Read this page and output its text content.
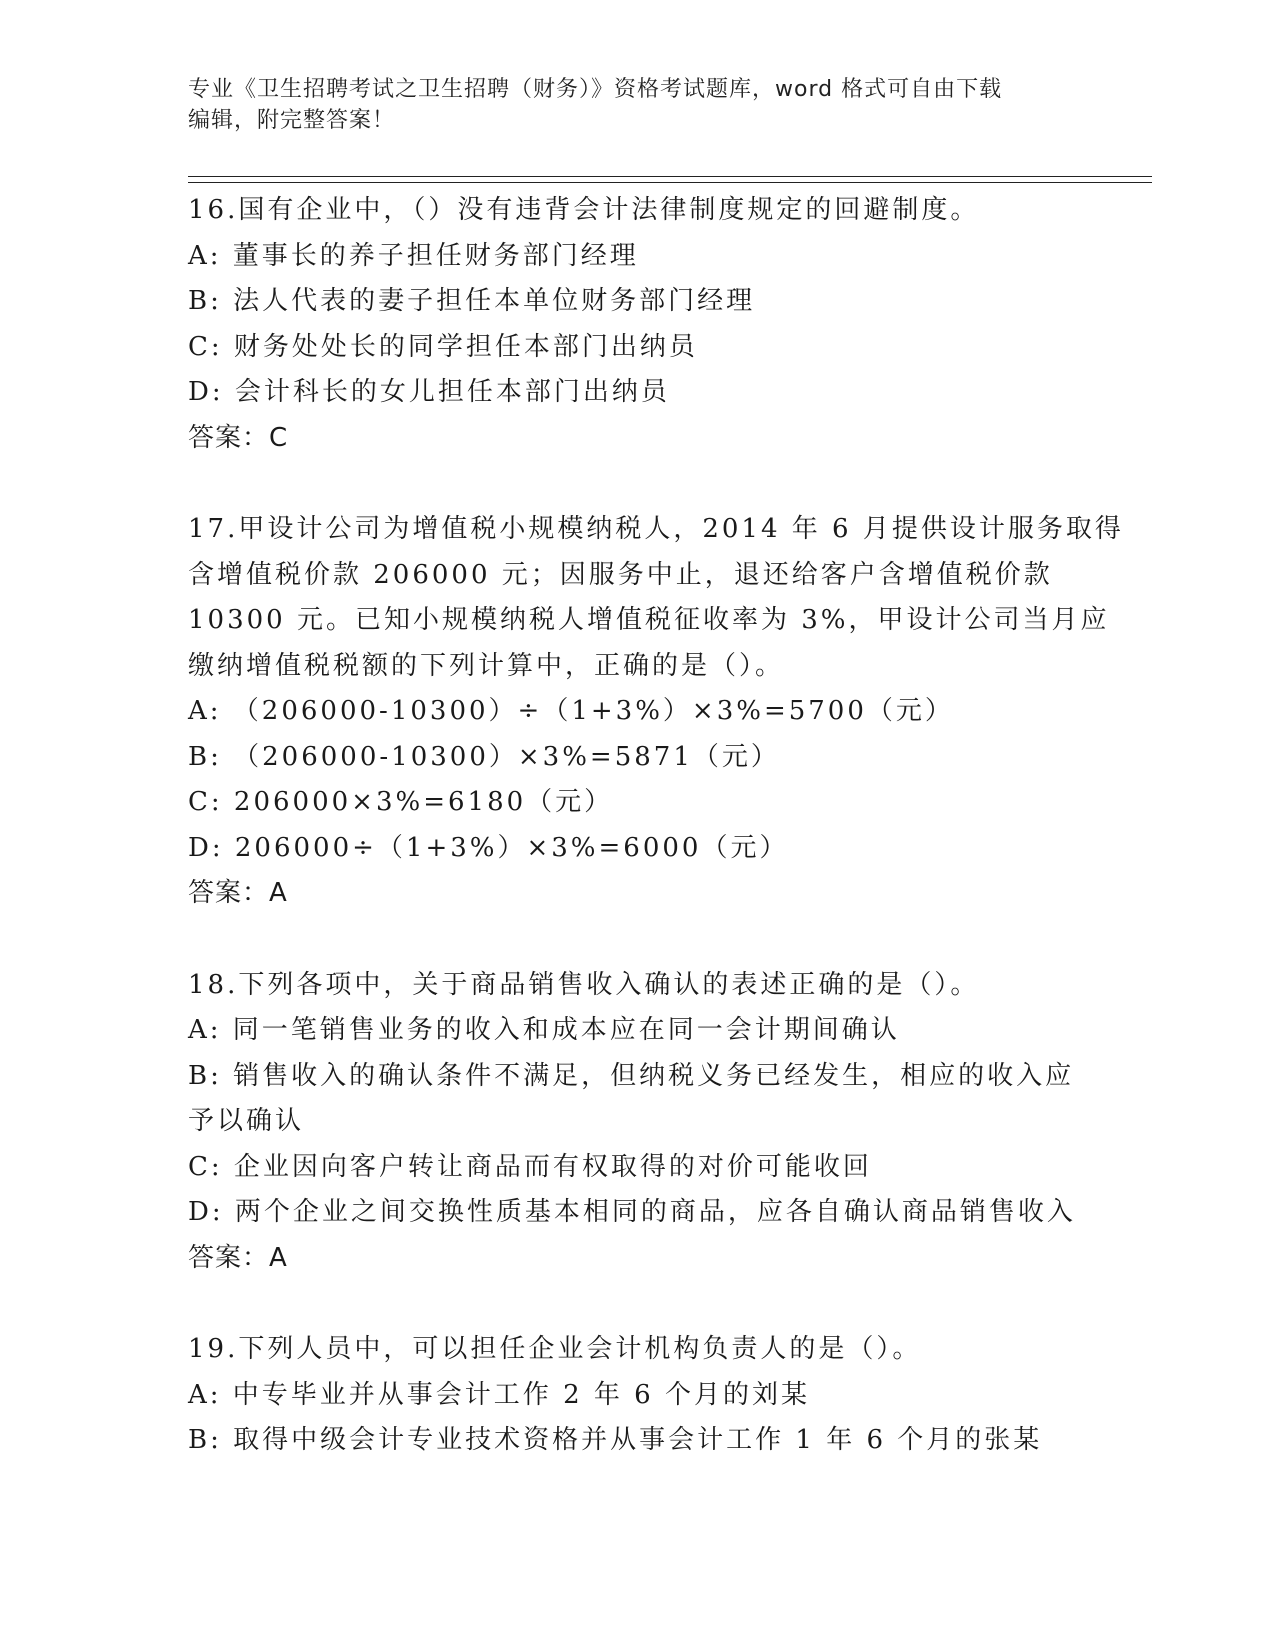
专业《卫生招聘考试之卫生招聘（财务）》资格考试题库，word 格式可自由下载
编辑，附完整答案！
16.国有企业中，（）没有违背会计法律制度规定的回避制度。
A: 董事长的养子担任财务部门经理
B: 法人代表的妻子担任本单位财务部门经理
C: 财务处处长的同学担任本部门出纳员
D: 会计科长的女儿担任本部门出纳员
答案：C
17.甲设计公司为增值税小规模纳税人，2014 年 6 月提供设计服务取得
含增值税价款 206000 元；因服务中止，退还给客户含增值税价款
10300 元。已知小规模纳税人增值税征收率为 3%，甲设计公司当月应
缴纳增值税税额的下列计算中，正确的是（）。
A: （206000-10300）÷（1+3%）×3%=5700（元）
B: （206000-10300）×3%=5871（元）
C: 206000×3%=6180（元）
D: 206000÷（1+3%）×3%=6000（元）
答案：A
18.下列各项中，关于商品销售收入确认的表述正确的是（）。
A: 同一笔销售业务的收入和成本应在同一会计期间确认
B: 销售收入的确认条件不满足，但纳税义务已经发生，相应的收入应
予以确认
C: 企业因向客户转让商品而有权取得的对价可能收回
D: 两个企业之间交换性质基本相同的商品，应各自确认商品销售收入
答案：A
19.下列人员中，可以担任企业会计机构负责人的是（）。
A: 中专毕业并从事会计工作 2 年 6 个月的刘某
B: 取得中级会计专业技术资格并从事会计工作 1 年 6 个月的张某
